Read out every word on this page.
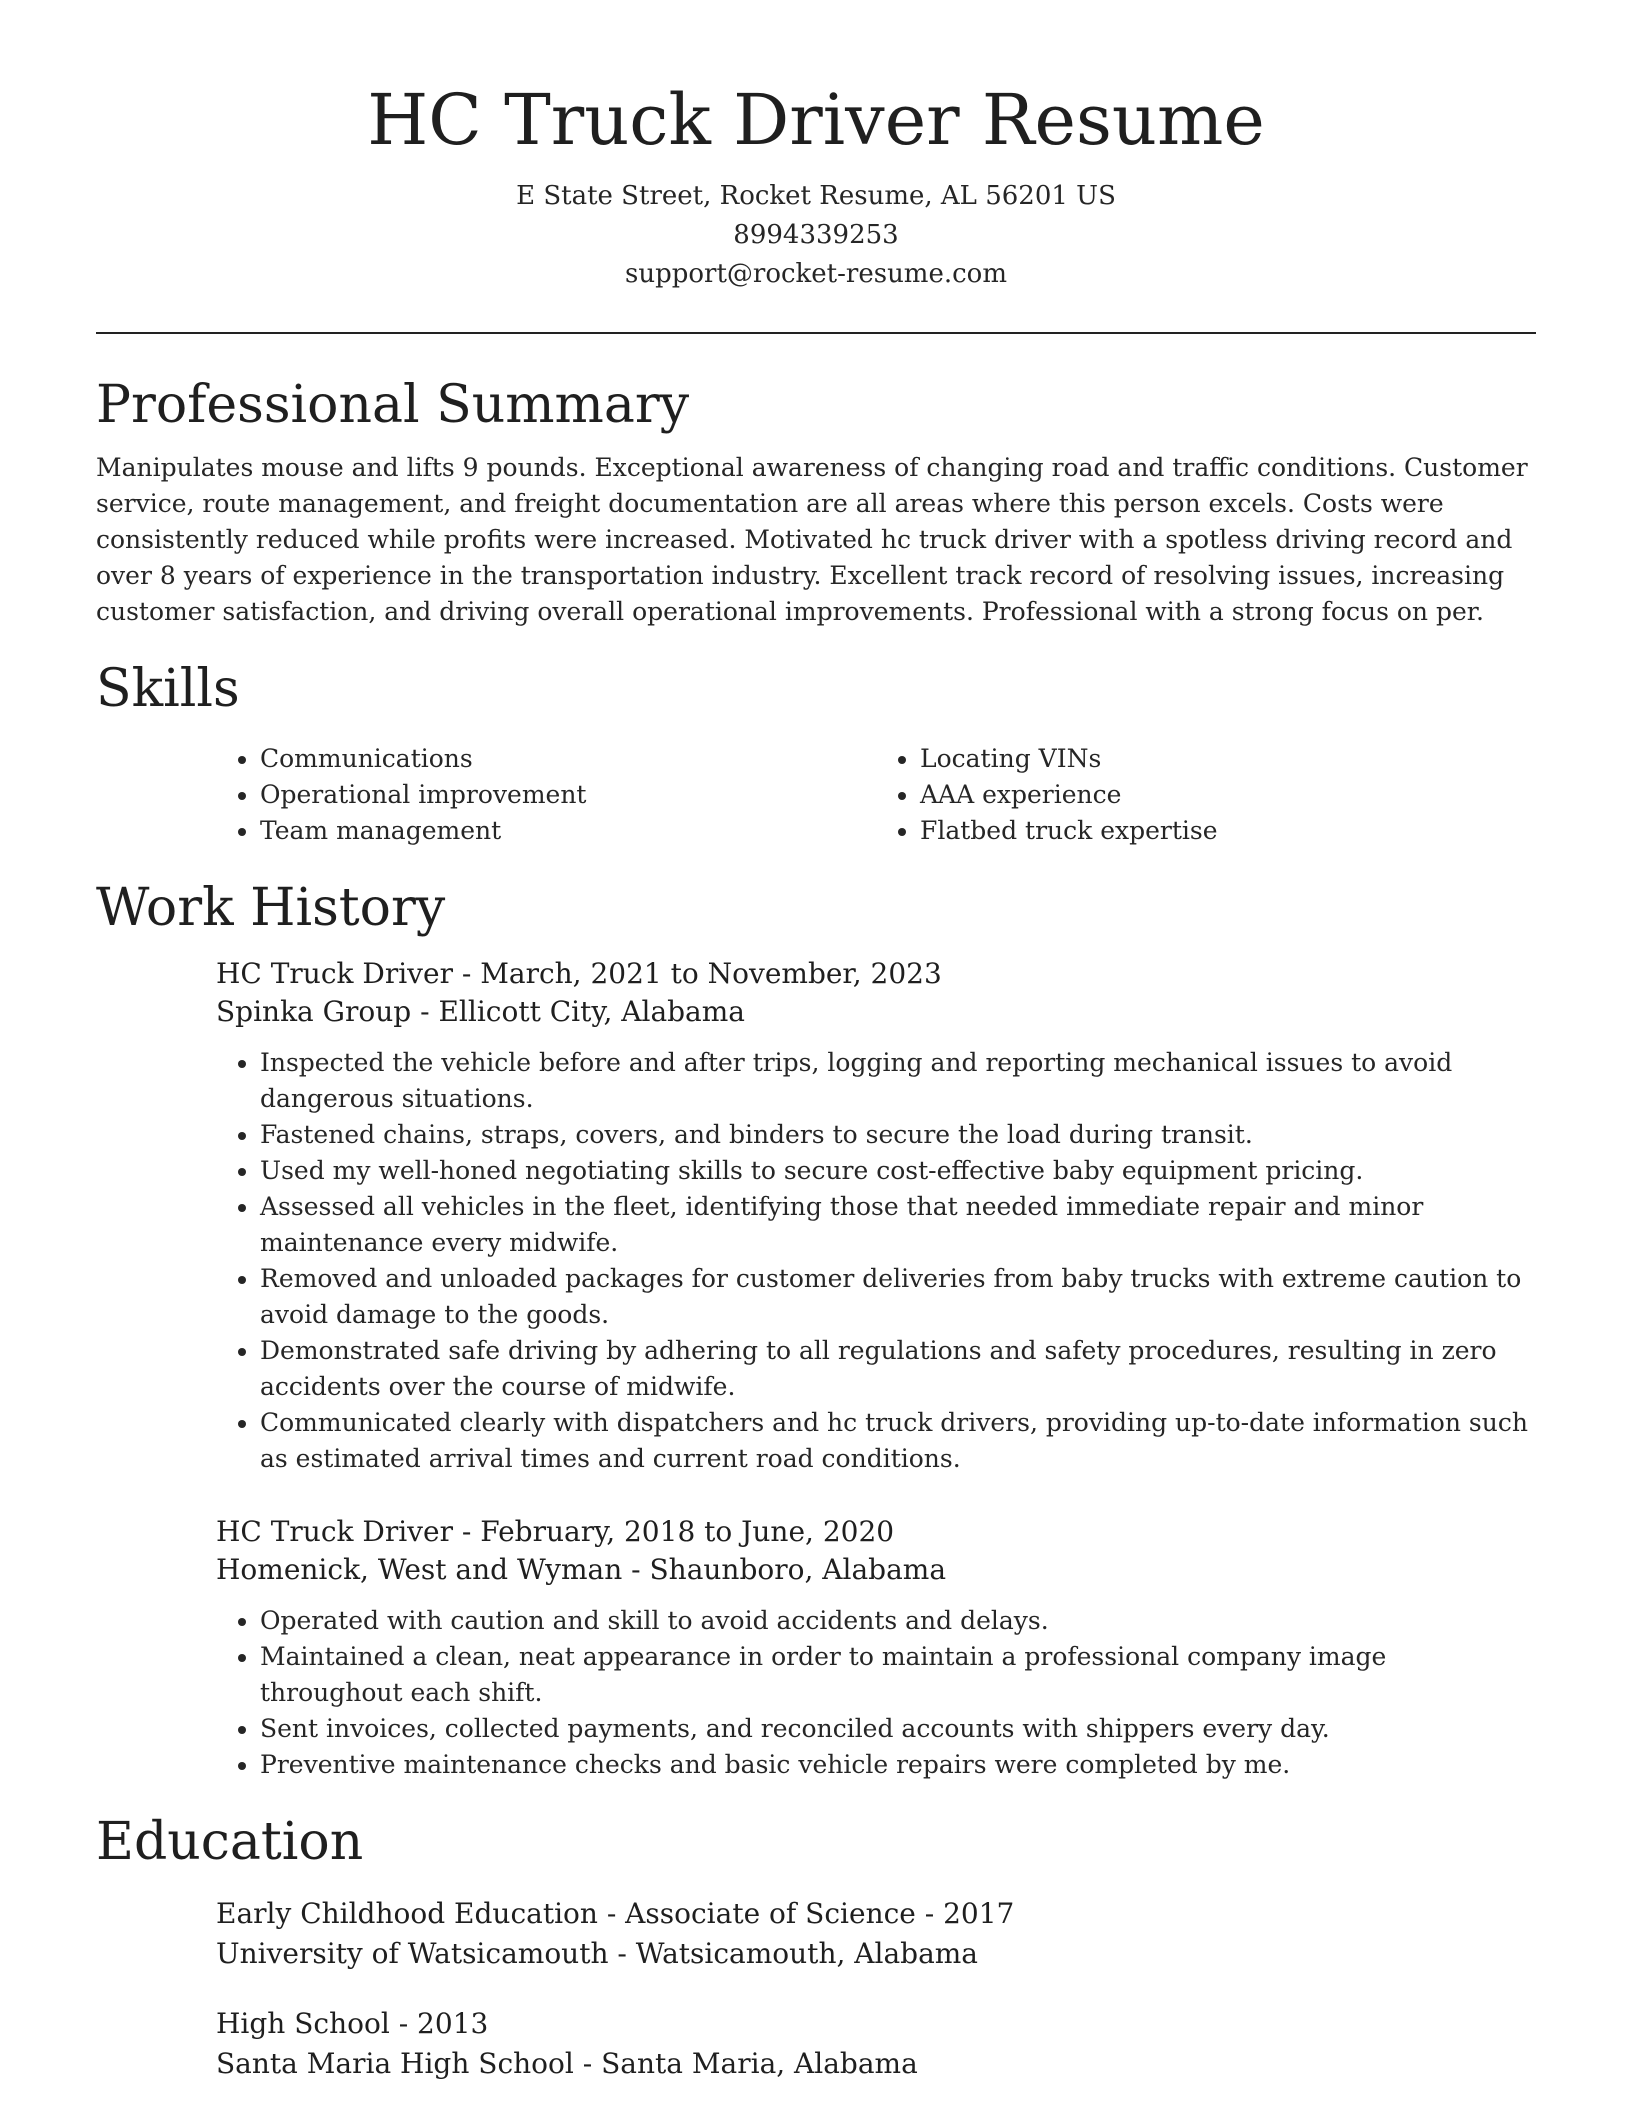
HC Truck Driver Resume
E State Street, Rocket Resume, AL 56201 US
8994339253
support@rocket-resume.com
Professional Summary

Manipulates mouse and lifts 9 pounds. Exceptional awareness of changing road and traffic conditions. Customer service, route management, and freight documentation are all areas where this person excels. Costs were consistently reduced while profits were increased. Motivated hc truck driver with a spotless driving record and over 8 years of experience in the transportation industry. Excellent track record of resolving issues, increasing customer satisfaction, and driving overall operational improvements. Professional with a strong focus on per.

Skills
• Communications
• Operational improvement
• Team management
• Locating VINs
• AAA experience
• Flatbed truck expertise
Work History
HC Truck Driver - March, 2021 to November, 2023
Spinka Group - Ellicott City, Alabama
• Inspected the vehicle before and after trips, logging and reporting mechanical issues to avoid dangerous situations.
• Fastened chains, straps, covers, and binders to secure the load during transit.
• Used my well-honed negotiating skills to secure cost-effective baby equipment pricing.
• Assessed all vehicles in the fleet, identifying those that needed immediate repair and minor maintenance every midwife.
• Removed and unloaded packages for customer deliveries from baby trucks with extreme caution to avoid damage to the goods.
• Demonstrated safe driving by adhering to all regulations and safety procedures, resulting in zero accidents over the course of midwife.
• Communicated clearly with dispatchers and hc truck drivers, providing up-to-date information such as estimated arrival times and current road conditions.
HC Truck Driver - February, 2018 to June, 2020
Homenick, West and Wyman - Shaunboro, Alabama
• Operated with caution and skill to avoid accidents and delays.
• Maintained a clean, neat appearance in order to maintain a professional company image throughout each shift.
• Sent invoices, collected payments, and reconciled accounts with shippers every day.
• Preventive maintenance checks and basic vehicle repairs were completed by me.
Education
Early Childhood Education - Associate of Science - 2017
University of Watsicamouth - Watsicamouth, Alabama
High School - 2013
Santa Maria High School - Santa Maria, Alabama
